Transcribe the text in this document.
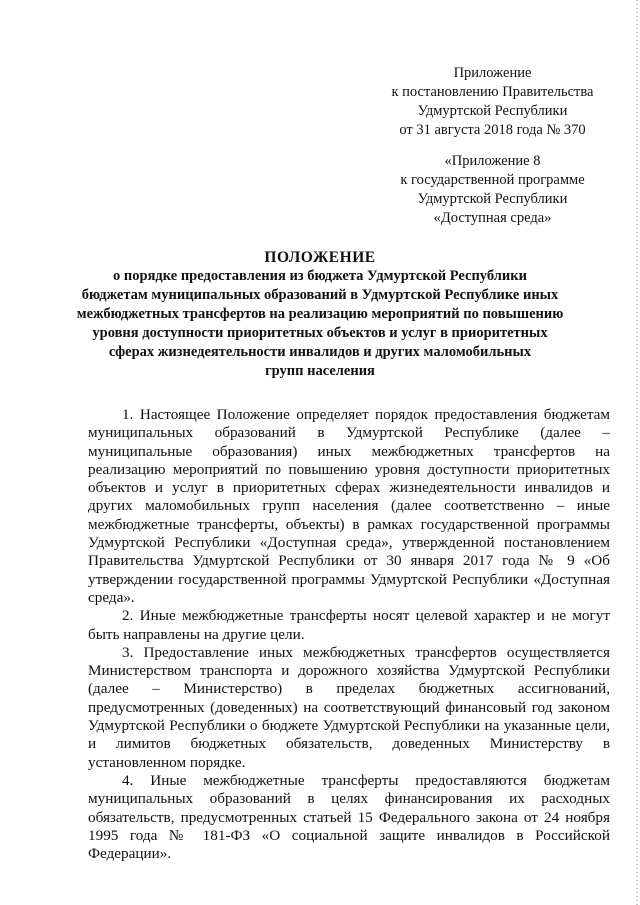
Приложение
к постановлению Правительства
Удмуртской Республики
от 31 августа 2018 года № 370
«Приложение 8
к государственной программе
Удмуртской Республики
«Доступная среда»
ПОЛОЖЕНИЕ
о порядке предоставления из бюджета Удмуртской Республики
бюджетам муниципальных образований в Удмуртской Республике иных
межбюджетных трансфертов на реализацию мероприятий по повышению
уровня доступности приоритетных объектов и услуг в приоритетных
сферах жизнедеятельности инвалидов и других маломобильных
групп населения

1. Настоящее Положение определяет порядок предоставления бюджетам муниципальных образований в Удмуртской Республике (далее – муниципальные образования) иных межбюджетных трансфертов на реализацию мероприятий по повышению уровня доступности приоритетных объектов и услуг в приоритетных сферах жизнедеятельности инвалидов и других маломобильных групп населения (далее соответственно – иные межбюджетные трансферты, объекты) в рамках государственной программы Удмуртской Республики «Доступная среда», утвержденной постановлением Правительства Удмуртской Республики от 30 января 2017 года № 9 «Об утверждении государственной программы Удмуртской Республики «Доступная среда».

2. Иные межбюджетные трансферты носят целевой характер и не могут быть направлены на другие цели.

3. Предоставление иных межбюджетных трансфертов осуществляется Министерством транспорта и дорожного хозяйства Удмуртской Республики (далее – Министерство) в пределах бюджетных ассигнований, предусмотренных (доведенных) на соответствующий финансовый год законом Удмуртской Республики о бюджете Удмуртской Республики на указанные цели, и лимитов бюджетных обязательств, доведенных Министерству в установленном порядке.

4. Иные межбюджетные трансферты предоставляются бюджетам муниципальных образований в целях финансирования их расходных обязательств, предусмотренных статьей 15 Федерального закона от 24 ноября 1995 года № 181-ФЗ «О социальной защите инвалидов в Российской Федерации».
